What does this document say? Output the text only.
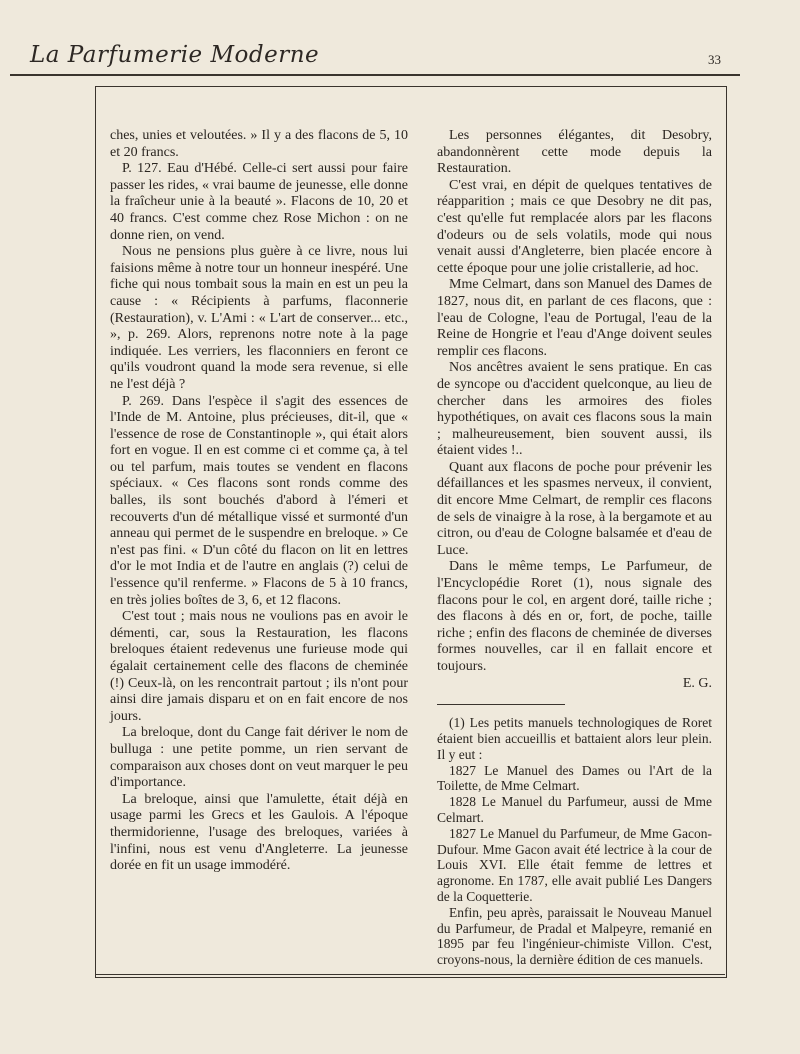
La Parfumerie Moderne	33

ches, unies et veloutées. » Il y a des flacons de 5, 10 et 20 francs.

P. 127. Eau d'Hébé. Celle-ci sert aussi pour faire passer les rides, « vrai baume de jeunesse, elle donne la fraîcheur unie à la beauté ». Flacons de 10, 20 et 40 francs. C'est comme chez Rose Michon : on ne donne rien, on vend.

Nous ne pensions plus guère à ce livre, nous lui faisions même à notre tour un honneur inespéré. Une fiche qui nous tombait sous la main en est un peu la cause : « Récipients à parfums, flaconnerie (Restauration), v. L'Ami : « L'art de conserver... etc., », p. 269. Alors, reprenons notre note à la page indiquée. Les verriers, les flaconniers en feront ce qu'ils voudront quand la mode sera revenue, si elle ne l'est déjà ?

P. 269. Dans l'espèce il s'agit des essences de l'Inde de M. Antoine, plus précieuses, dit-il, que « l'essence de rose de Constantinople », qui était alors fort en vogue. Il en est comme ci et comme ça, à tel ou tel parfum, mais toutes se vendent en flacons spéciaux. « Ces flacons sont ronds comme des balles, ils sont bouchés d'abord à l'émeri et recouverts d'un dé métallique vissé et surmonté d'un anneau qui permet de le suspendre en breloque. » Ce n'est pas fini. « D'un côté du flacon on lit en lettres d'or le mot India et de l'autre en anglais (?) celui de l'essence qu'il renferme. » Flacons de 5 à 10 francs, en très jolies boîtes de 3, 6, et 12 flacons.

C'est tout ; mais nous ne voulions pas en avoir le démenti, car, sous la Restauration, les flacons breloques étaient redevenus une furieuse mode qui égalait certainement celle des flacons de cheminée (!) Ceux-là, on les rencontrait partout ; ils n'ont pour ainsi dire jamais disparu et on en fait encore de nos jours.

La breloque, dont du Cange fait dériver le nom de bulluga : une petite pomme, un rien servant de comparaison aux choses dont on veut marquer le peu d'importance.

La breloque, ainsi que l'amulette, était déjà en usage parmi les Grecs et les Gaulois. A l'époque thermidorienne, l'usage des breloques, variées à l'infini, nous est venu d'Angleterre. La jeunesse dorée en fit un usage immodéré.

Les personnes élégantes, dit Desobry, abandonnèrent cette mode depuis la Restauration.

C'est vrai, en dépit de quelques tentatives de réapparition ; mais ce que Desobry ne dit pas, c'est qu'elle fut remplacée alors par les flacons d'odeurs ou de sels volatils, mode qui nous venait aussi d'Angleterre, bien placée encore à cette époque pour une jolie cristallerie, ad hoc.

Mme Celmart, dans son Manuel des Dames de 1827, nous dit, en parlant de ces flacons, que : l'eau de Cologne, l'eau de Portugal, l'eau de la Reine de Hongrie et l'eau d'Ange doivent seules remplir ces flacons.

Nos ancêtres avaient le sens pratique. En cas de syncope ou d'accident quelconque, au lieu de chercher dans les armoires des fioles hypothétiques, on avait ces flacons sous la main ; malheureusement, bien souvent aussi, ils étaient vides !..

Quant aux flacons de poche pour prévenir les défaillances et les spasmes nerveux, il convient, dit encore Mme Celmart, de remplir ces flacons de sels de vinaigre à la rose, à la bergamote et au citron, ou d'eau de Cologne balsamée et d'eau de Luce.

Dans le même temps, Le Parfumeur, de l'Encyclopédie Roret (1), nous signale des flacons pour le col, en argent doré, taille riche ; des flacons à dés en or, fort, de poche, taille riche ; enfin des flacons de cheminée de diverses formes nouvelles, car il en fallait encore et toujours.

E. G.

(1) Les petits manuels technologiques de Roret étaient bien accueillis et battaient alors leur plein. Il y eut :

1827 Le Manuel des Dames ou l'Art de la Toilette, de Mme Celmart.

1828 Le Manuel du Parfumeur, aussi de Mme Celmart.

1827 Le Manuel du Parfumeur, de Mme Gacon-Dufour. Mme Gacon avait été lectrice à la cour de Louis XVI. Elle était femme de lettres et agronome. En 1787, elle avait publié Les Dangers de la Coquetterie.

Enfin, peu après, paraissait le Nouveau Manuel du Parfumeur, de Pradal et Malpeyre, remanié en 1895 par feu l'ingénieur-chimiste Villon. C'est, croyons-nous, la dernière édition de ces manuels.
